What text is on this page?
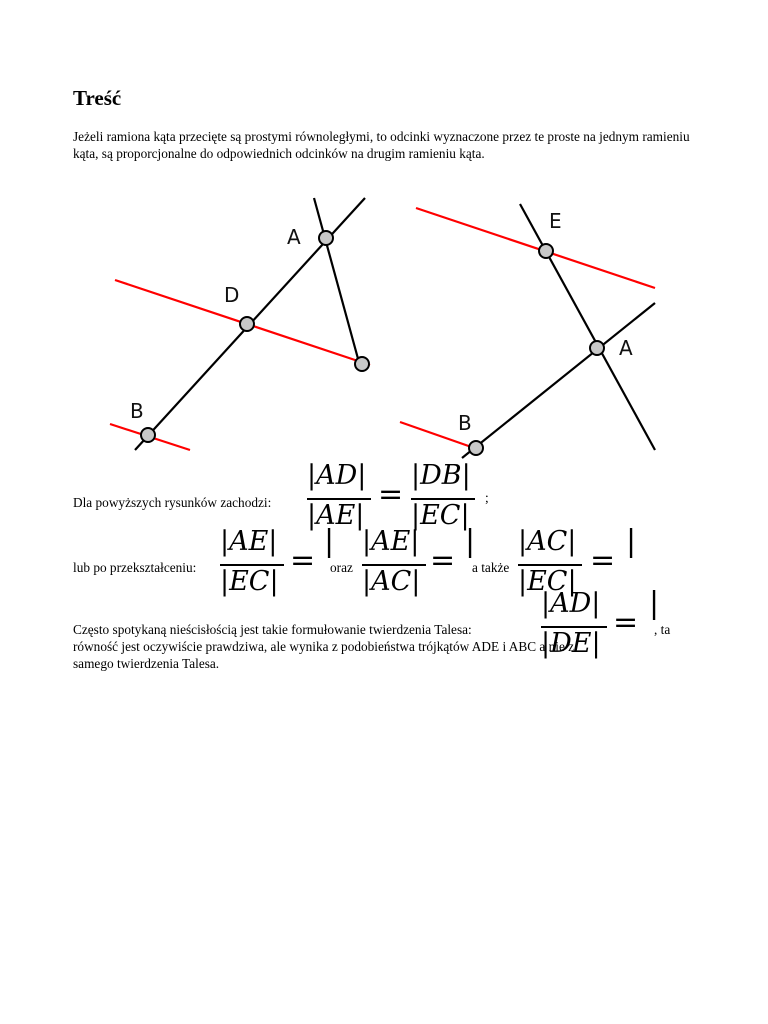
Treść

Jeżeli ramiona kąta przecięte są prostymi równoległymi, to odcinki wyznaczone przez te proste na jednym ramieniu kąta, są proporcjonalne do odpowiednich odcinków na drugim ramieniu kąta.

A
D
B
E
A
B
Dla powyższych rysunków zachodzi:
|AD|
|AE|
=
|DB|
|EC|
;
lub po przekształceniu:
|AE|
|EC|
=
|
oraz
|AE|
|AC|
=
|
a także
|AC|
|EC|
=
|
Często spotykaną nieścisłością jest takie formułowanie twierdzenia Talesa:
|AD|
|DE|
=
|
, ta
równość jest oczywiście prawdziwa, ale wynika z podobieństwa trójkątów ADE i ABC a nie z
samego twierdzenia Talesa.
